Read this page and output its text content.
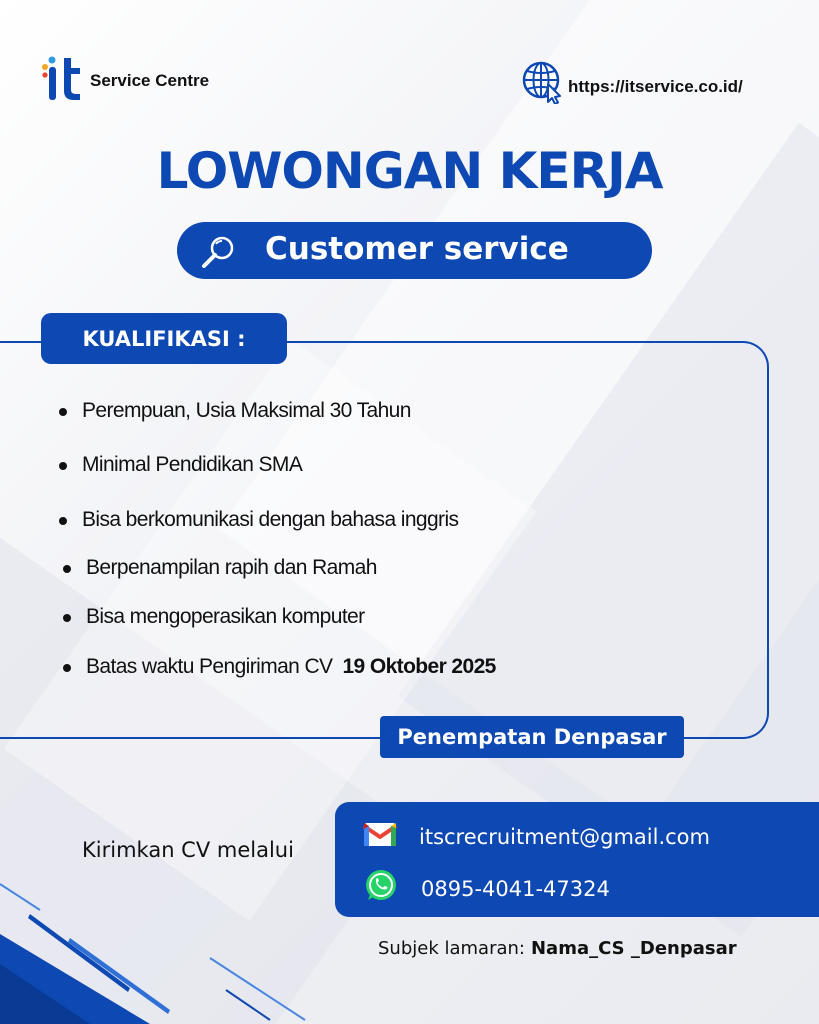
Service Centre	https://itservice.co.id/
LOWONGAN KERJA
Customer service
KUALIFIKASI :
Perempuan, Usia Maksimal 30 Tahun
Minimal Pendidikan SMA
Bisa berkomunikasi dengan bahasa inggris
Berpenampilan rapih dan Ramah
Bisa mengoperasikan komputer
Batas waktu Pengiriman CV 19 Oktober 2025
Penempatan Denpasar
Kirimkan CV melalui
itscrecruitment@gmail.com
0895-4041-47324
Subjek lamaran: Nama_CS _Denpasar
